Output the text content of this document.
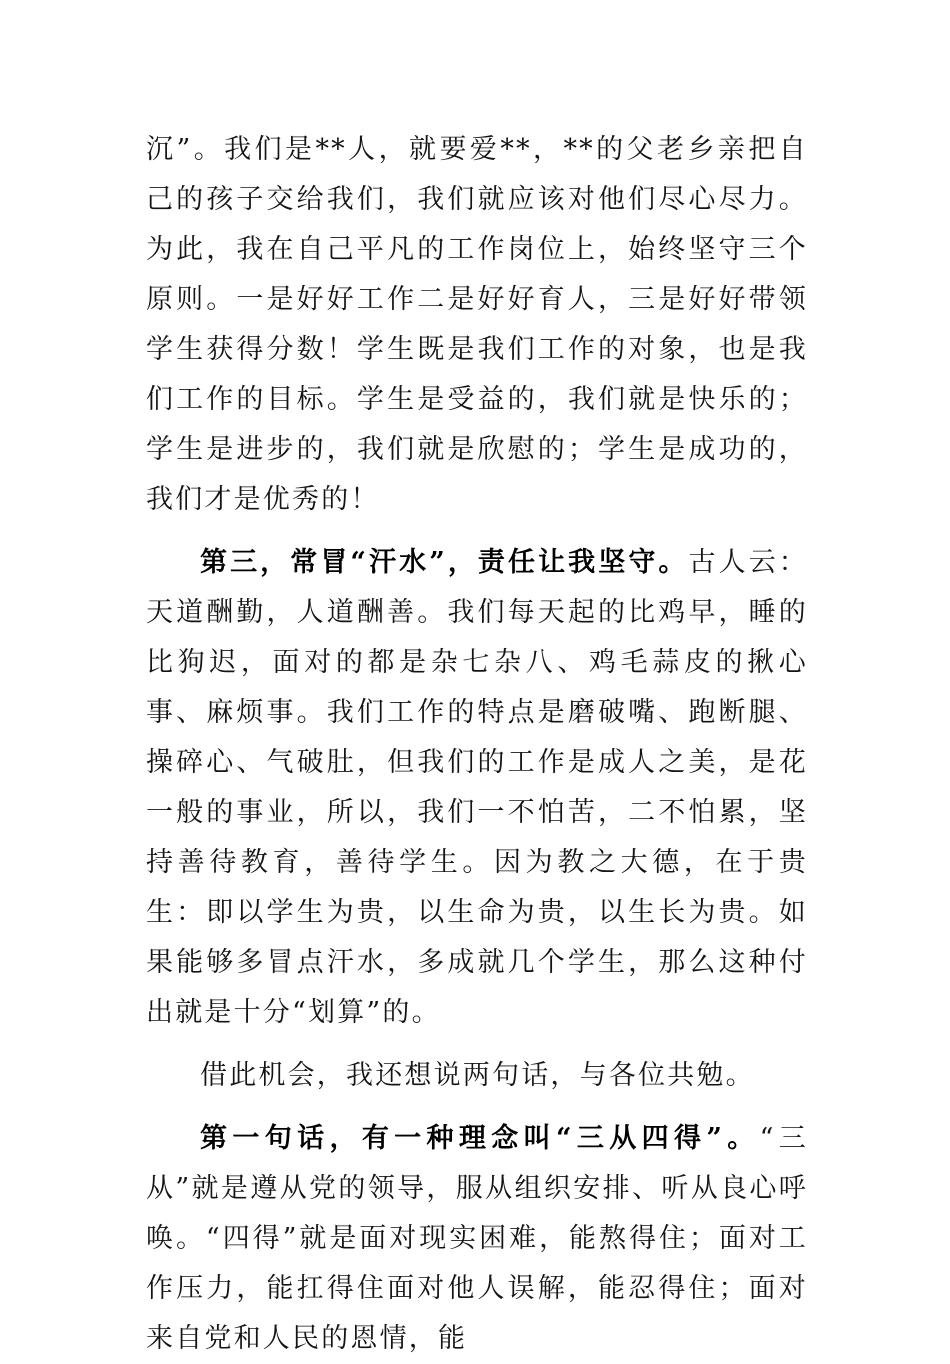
沉”。我们是**人，就要爱**，**的父老乡亲把自己的孩子交给我们，我们就应该对他们尽心尽力。为此，我在自己平凡的工作岗位上，始终坚守三个原则。一是好好工作二是好好育人，三是好好带领学生获得分数！学生既是我们工作的对象，也是我们工作的目标。学生是受益的，我们就是快乐的；学生是进步的，我们就是欣慰的；学生是成功的，我们才是优秀的！

第三，常冒“汗水”，责任让我坚守。古人云：天道酬勤，人道酬善。我们每天起的比鸡早，睡的比狗迟，面对的都是杂七杂八、鸡毛蒜皮的揪心事、麻烦事。我们工作的特点是磨破嘴、跑断腿、操碎心、气破肚，但我们的工作是成人之美，是花一般的事业，所以，我们一不怕苦，二不怕累，坚持善待教育，善待学生。因为教之大德，在于贵生：即以学生为贵，以生命为贵，以生长为贵。如果能够多冒点汗水，多成就几个学生，那么这种付出就是十分“划算”的。

借此机会，我还想说两句话，与各位共勉。

第一句话，有一种理念叫“三从四得”。“三从”就是遵从党的领导，服从组织安排、听从良心呼唤。“四得”就是面对现实困难，能熬得住；面对工作压力，能扛得住面对他人误解，能忍得住；面对来自党和人民的恩情，能
